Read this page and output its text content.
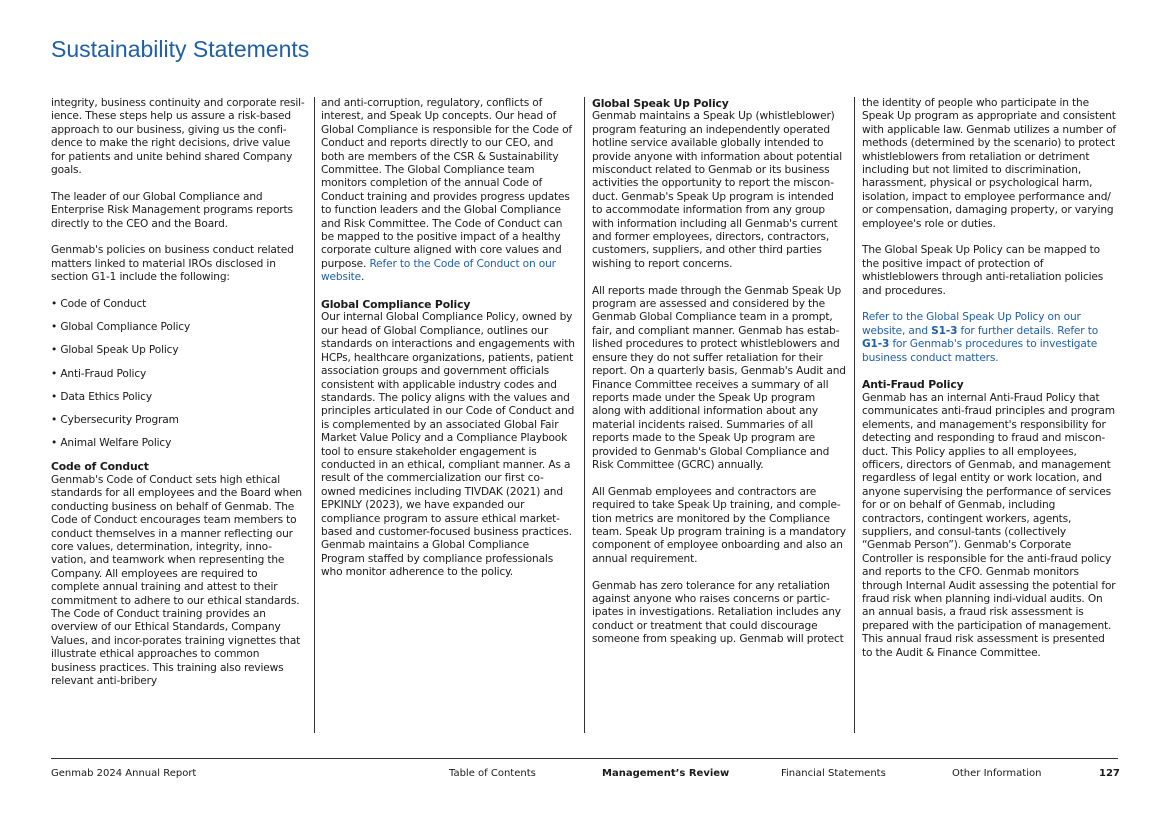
Sustainability Statements

integrity, business continuity and corporate resil-ience. These steps help us assure a risk-based approach to our business, giving us the confi-dence to make the right decisions, drive value for patients and unite behind shared Company goals.

The leader of our Global Compliance and Enterprise Risk Management programs reports directly to the CEO and the Board.

Genmab's policies on business conduct related matters linked to material IROs disclosed in section G1-1 include the following:

• Code of Conduct
• Global Compliance Policy
• Global Speak Up Policy
• Anti-Fraud Policy
• Data Ethics Policy
• Cybersecurity Program
• Animal Welfare Policy
Code of Conduct

Genmab's Code of Conduct sets high ethical standards for all employees and the Board when conducting business on behalf of Genmab. The Code of Conduct encourages team members to conduct themselves in a manner reflecting our core values, determination, integrity, inno-vation, and teamwork when representing the Company. All employees are required to complete annual training and attest to their commitment to adhere to our ethical standards. The Code of Conduct training provides an overview of our Ethical Standards, Company Values, and incor-porates training vignettes that illustrate ethical approaches to common business practices. This training also reviews relevant anti-bribery

and anti-corruption, regulatory, conflicts of interest, and Speak Up concepts. Our head of Global Compliance is responsible for the Code of Conduct and reports directly to our CEO, and both are members of the CSR & Sustainability Committee. The Global Compliance team monitors completion of the annual Code of Conduct training and provides progress updates to function leaders and the Global Compliance and Risk Committee. The Code of Conduct can be mapped to the positive impact of a healthy corporate culture aligned with core values and purpose. Refer to the Code of Conduct on our website.

Global Compliance Policy

Our internal Global Compliance Policy, owned by our head of Global Compliance, outlines our standards on interactions and engagements with HCPs, healthcare organizations, patients, patient association groups and government officials consistent with applicable industry codes and standards. The policy aligns with the values and principles articulated in our Code of Conduct and is complemented by an associated Global Fair Market Value Policy and a Compliance Playbook tool to ensure stakeholder engagement is conducted in an ethical, compliant manner. As a result of the commercialization our first co-owned medicines including TIVDAK (2021) and EPKINLY (2023), we have expanded our compliance program to assure ethical market-based and customer-focused business practices. Genmab maintains a Global Compliance Program staffed by compliance professionals who monitor adherence to the policy.

Global Speak Up Policy

Genmab maintains a Speak Up (whistleblower) program featuring an independently operated hotline service available globally intended to provide anyone with information about potential misconduct related to Genmab or its business activities the opportunity to report the miscon-duct. Genmab's Speak Up program is intended to accommodate information from any group with information including all Genmab's current and former employees, directors, contractors, customers, suppliers, and other third parties wishing to report concerns.

All reports made through the Genmab Speak Up program are assessed and considered by the Genmab Global Compliance team in a prompt, fair, and compliant manner. Genmab has estab-lished procedures to protect whistleblowers and ensure they do not suffer retaliation for their report. On a quarterly basis, Genmab's Audit and Finance Committee receives a summary of all reports made under the Speak Up program along with additional information about any material incidents raised. Summaries of all reports made to the Speak Up program are provided to Genmab's Global Compliance and Risk Committee (GCRC) annually.

All Genmab employees and contractors are required to take Speak Up training, and comple-tion metrics are monitored by the Compliance team. Speak Up program training is a mandatory component of employee onboarding and also an annual requirement.

Genmab has zero tolerance for any retaliation against anyone who raises concerns or partic-ipates in investigations. Retaliation includes any conduct or treatment that could discourage someone from speaking up. Genmab will protect

the identity of people who participate in the Speak Up program as appropriate and consistent with applicable law. Genmab utilizes a number of methods (determined by the scenario) to protect whistleblowers from retaliation or detriment including but not limited to discrimination, harassment, physical or psychological harm, isolation, impact to employee performance and/ or compensation, damaging property, or varying employee's role or duties.

The Global Speak Up Policy can be mapped to the positive impact of protection of whistleblowers through anti-retaliation policies and procedures.

Refer to the Global Speak Up Policy on our website, and S1-3 for further details. Refer to G1-3 for Genmab's procedures to investigate business conduct matters.

Anti-Fraud Policy

Genmab has an internal Anti-Fraud Policy that communicates anti-fraud principles and program elements, and management's responsibility for detecting and responding to fraud and miscon-duct. This Policy applies to all employees, officers, directors of Genmab, and management regardless of legal entity or work location, and anyone supervising the performance of services for or on behalf of Genmab, including contractors, contingent workers, agents, suppliers, and consul-tants (collectively “Genmab Person”). Genmab's Corporate Controller is responsible for the anti-fraud policy and reports to the CFO. Genmab monitors through Internal Audit assessing the potential for fraud risk when planning indi-vidual audits. On an annual basis, a fraud risk assessment is prepared with the participation of management. This annual fraud risk assessment is presented to the Audit & Finance Committee.

Genmab 2024 Annual Report	Table of Contents	Management’s Review	Financial Statements	Other Information	127
